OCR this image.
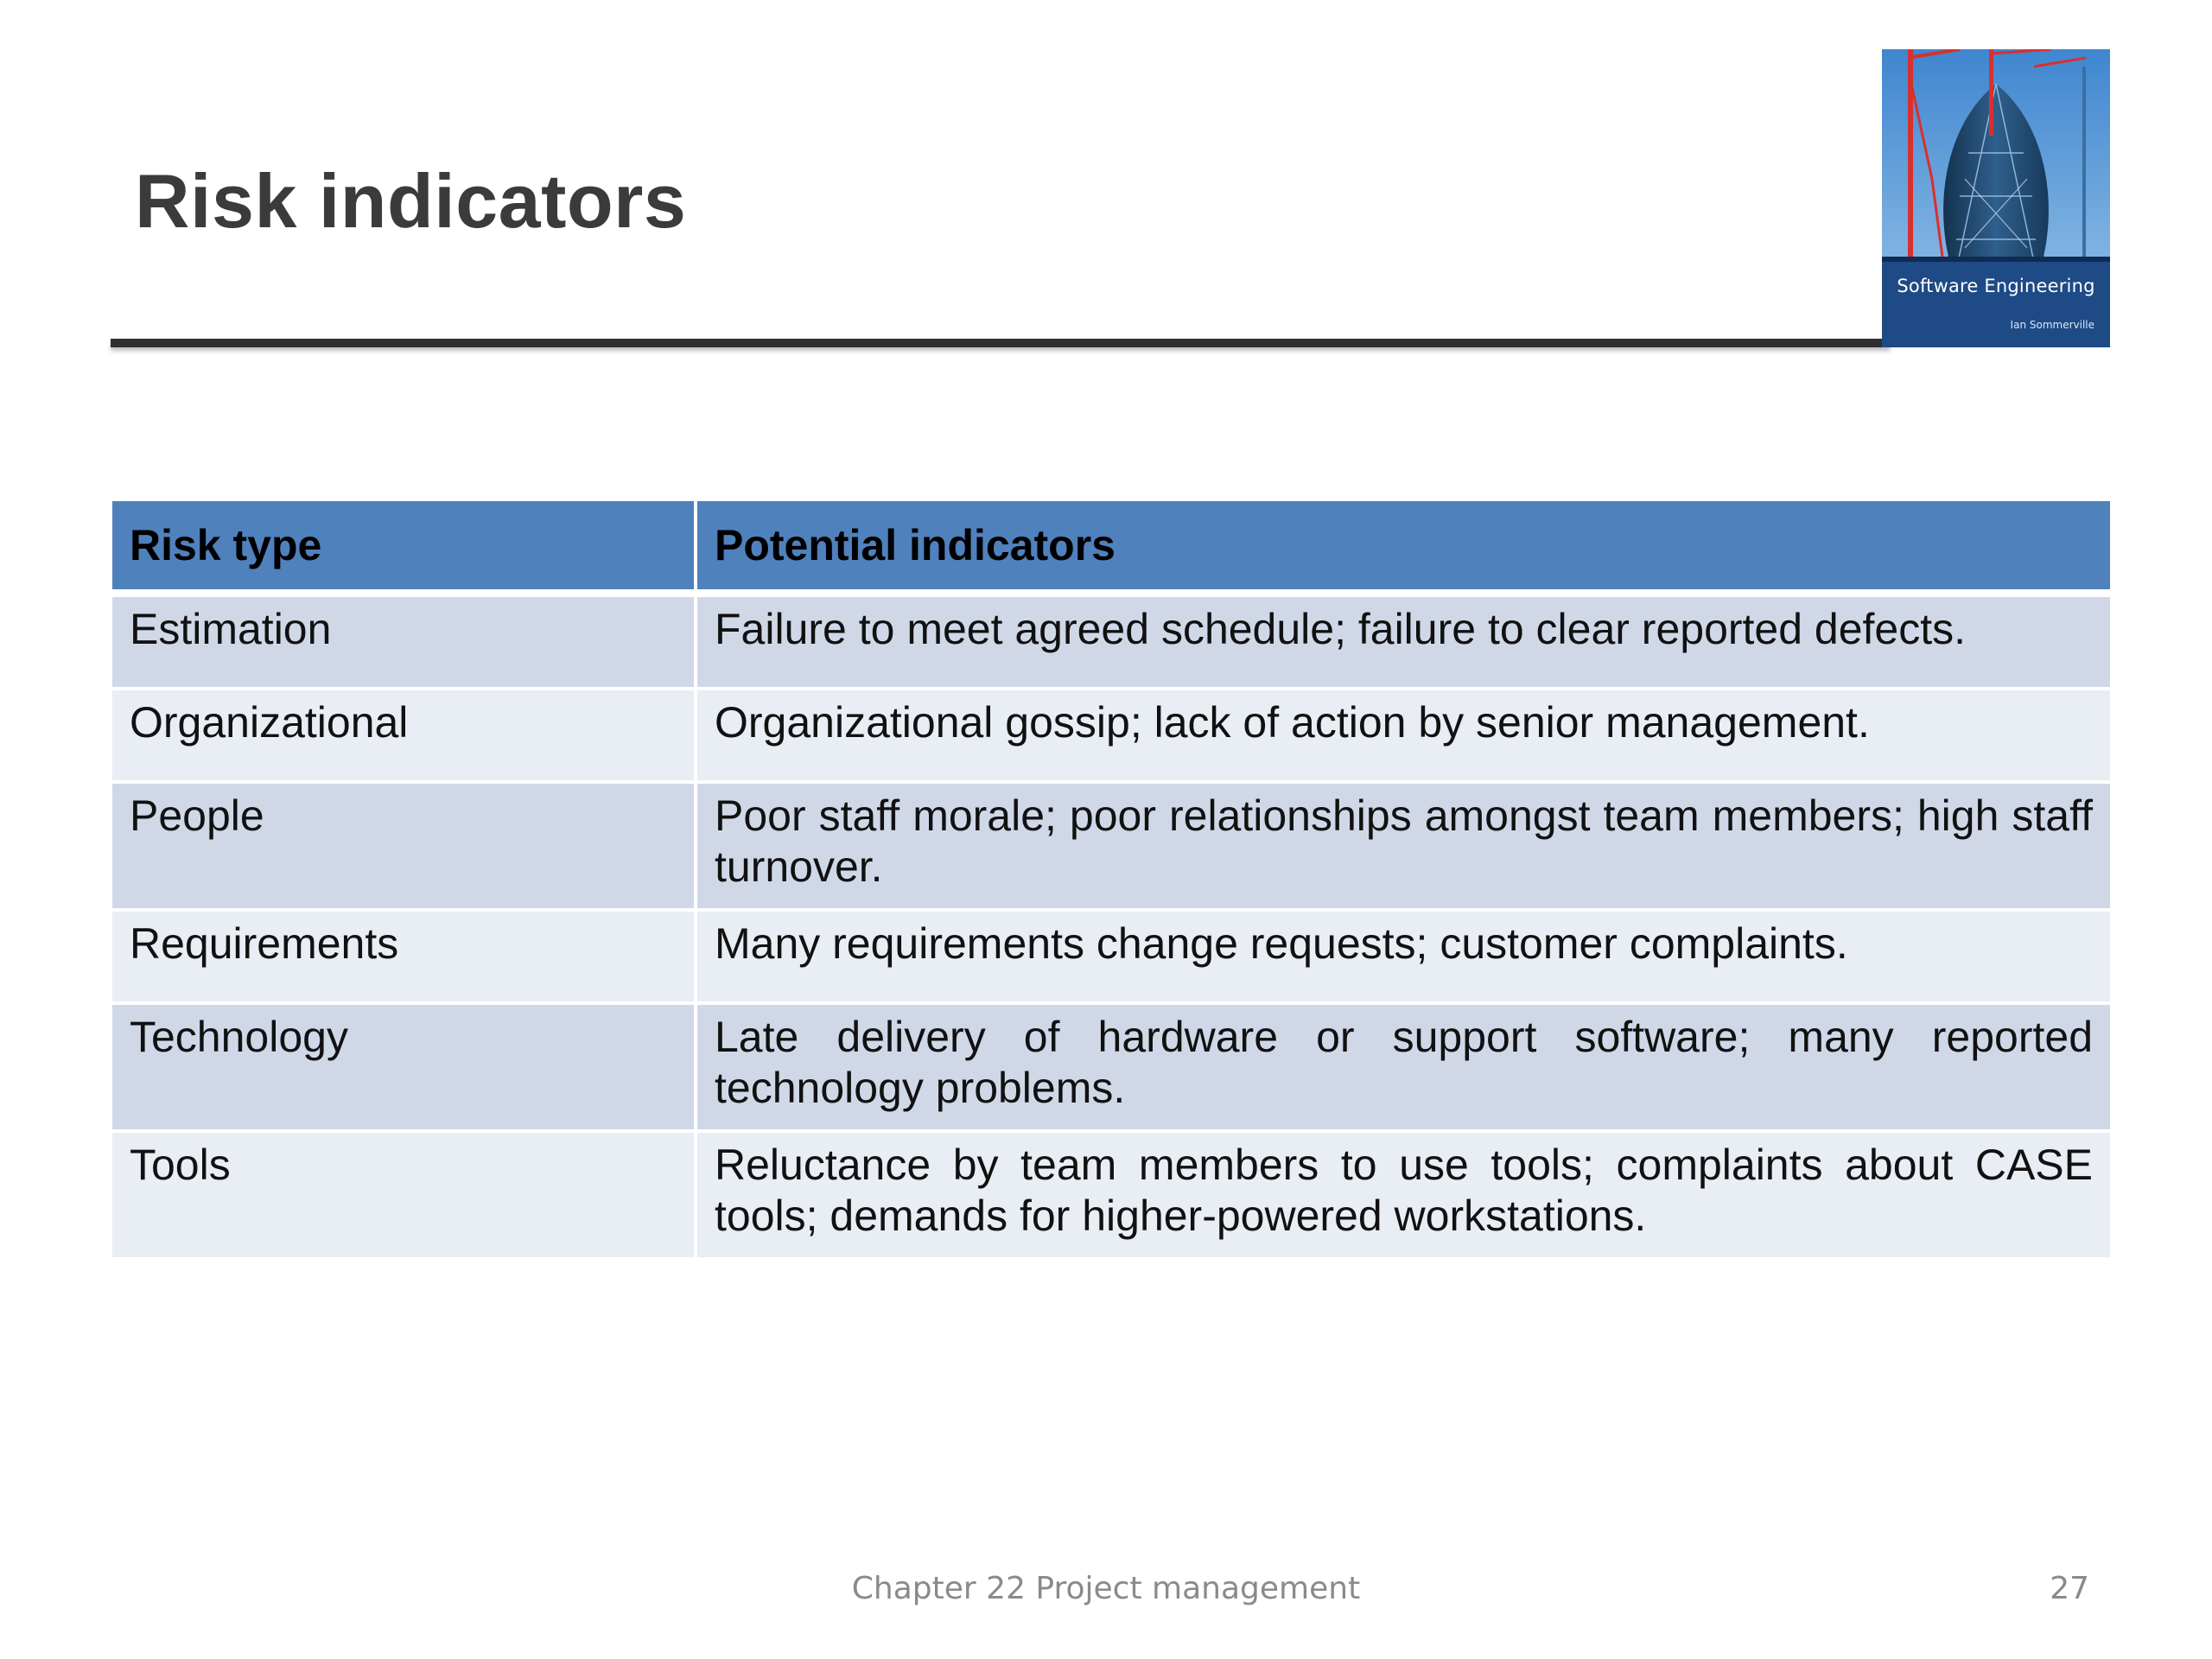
Risk indicators
Software Engineering
Ian Sommerville
Risk type	Potential indicators
Estimation	Failure to meet agreed schedule; failure to clear reported defects.
Organizational	Organizational gossip; lack of action by senior management.
People	Poor staff morale; poor relationships amongst team members; high staff turnover.
Requirements	Many requirements change requests; customer complaints.
Technology	Late delivery of hardware or support software; many reported technology problems.
Tools	Reluctance by team members to use tools; complaints about CASE tools; demands for higher-powered workstations.
Chapter 22 Project management	27
